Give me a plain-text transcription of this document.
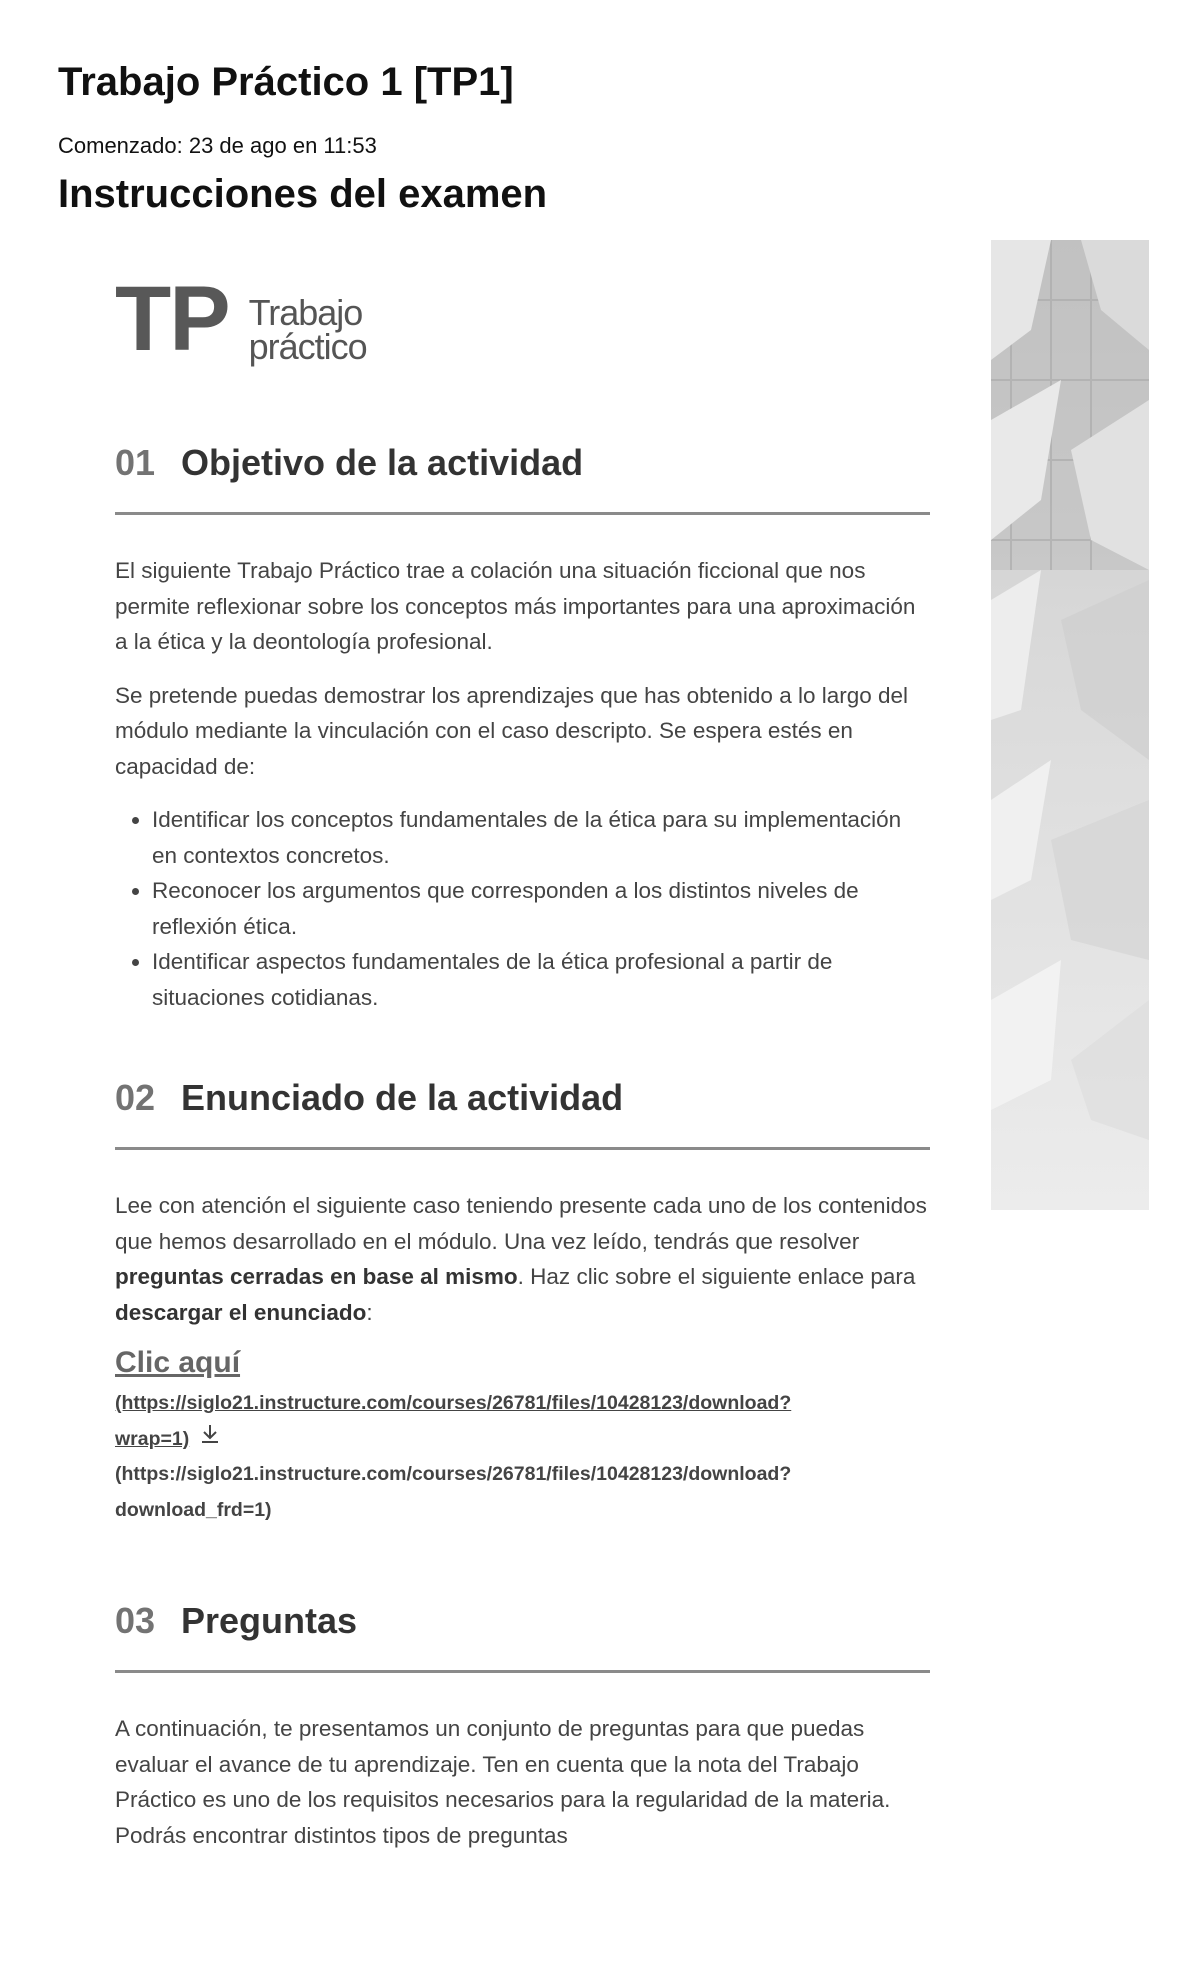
Trabajo Práctico 1 [TP1]
Comenzado: 23 de ago en 11:53
Instrucciones del examen
TP Trabajo
práctico
01 Objetivo de la actividad

El siguiente Trabajo Práctico trae a colación una situación ficcional que nos permite reflexionar sobre los conceptos más importantes para una aproximación a la ética y la deontología profesional.

Se pretende puedas demostrar los aprendizajes que has obtenido a lo largo del módulo mediante la vinculación con el caso descripto. Se espera estés en capacidad de:

• Identificar los conceptos fundamentales de la ética para su implementación en contextos concretos.
• Reconocer los argumentos que corresponden a los distintos niveles de reflexión ética.
• Identificar aspectos fundamentales de la ética profesional a partir de situaciones cotidianas.
02 Enunciado de la actividad

Lee con atención el siguiente caso teniendo presente cada uno de los contenidos que hemos desarrollado en el módulo. Una vez leído, tendrás que resolver preguntas cerradas en base al mismo. Haz clic sobre el siguiente enlace para descargar el enunciado:

Clic aquí
(https://siglo21.instructure.com/courses/26781/files/10428123/download?
wrap=1)
(https://siglo21.instructure.com/courses/26781/files/10428123/download?
download_frd=1)
03 Preguntas

A continuación, te presentamos un conjunto de preguntas para que puedas evaluar el avance de tu aprendizaje. Ten en cuenta que la nota del Trabajo Práctico es uno de los requisitos necesarios para la regularidad de la materia. Podrás encontrar distintos tipos de preguntas
